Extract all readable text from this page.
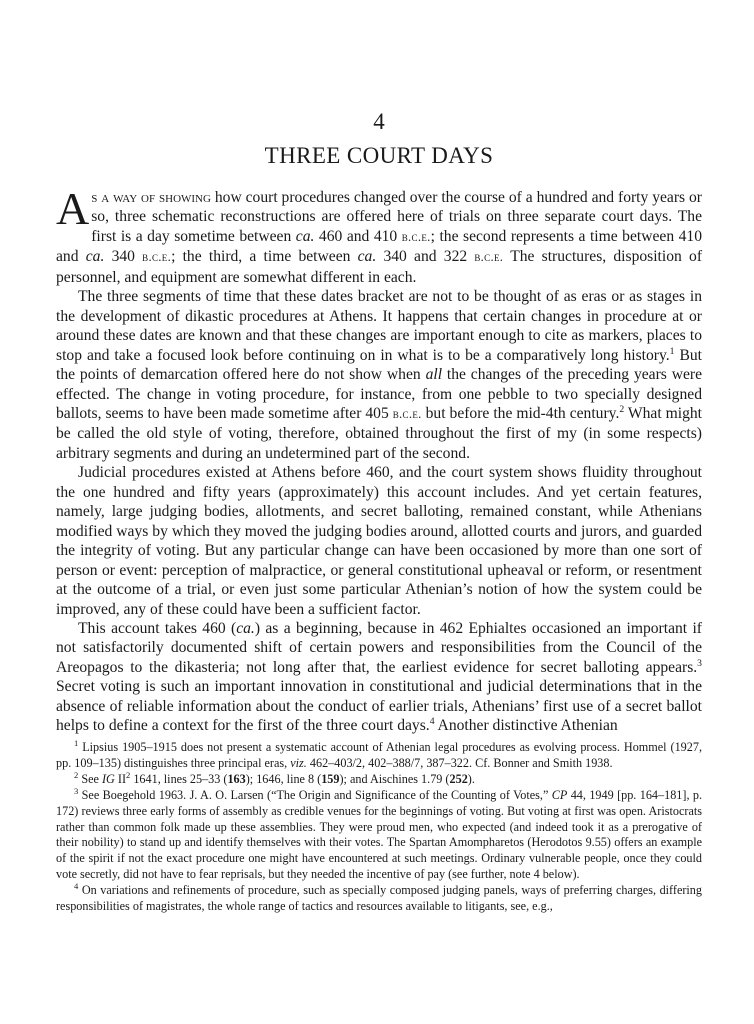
4

THREE COURT DAYS

As a way of showing how court procedures changed over the course of a hundred and forty years or so, three schematic reconstructions are offered here of trials on three separate court days. The first is a day sometime between ca. 460 and 410 b.c.e.; the second represents a time between 410 and ca. 340 b.c.e.; the third, a time between ca. 340 and 322 b.c.e. The structures, disposition of personnel, and equipment are somewhat different in each.

The three segments of time that these dates bracket are not to be thought of as eras or as stages in the development of dikastic procedures at Athens. It happens that certain changes in procedure at or around these dates are known and that these changes are important enough to cite as markers, places to stop and take a focused look before continuing on in what is to be a comparatively long history.$^1$ But the points of demarcation offered here do not show when all the changes of the preceding years were effected. The change in voting procedure, for instance, from one pebble to two specially designed ballots, seems to have been made sometime after 405 b.c.e. but before the mid-4th century.$^2$ What might be called the old style of voting, therefore, obtained throughout the first of my (in some respects) arbitrary segments and during an undetermined part of the second.

Judicial procedures existed at Athens before 460, and the court system shows fluidity throughout the one hundred and fifty years (approximately) this account includes. And yet certain features, namely, large judging bodies, allotments, and secret balloting, remained constant, while Athenians modified ways by which they moved the judging bodies around, allotted courts and jurors, and guarded the integrity of voting. But any particular change can have been occasioned by more than one sort of person or event: perception of malpractice, or general constitutional upheaval or reform, or resentment at the outcome of a trial, or even just some particular Athenian’s notion of how the system could be improved, any of these could have been a sufficient factor.

This account takes 460 (ca.) as a beginning, because in 462 Ephialtes occasioned an important if not satisfactorily documented shift of certain powers and responsibilities from the Council of the Areopagos to the dikasteria; not long after that, the earliest evidence for secret balloting appears.$^3$ Secret voting is such an important innovation in constitutional and judicial determinations that in the absence of reliable information about the conduct of earlier trials, Athenians’ first use of a secret ballot helps to define a context for the first of the three court days.$^4$ Another distinctive Athenian

$^1$ Lipsius 1905–1915 does not present a systematic account of Athenian legal procedures as evolving process. Hommel (1927, pp. 109–135) distinguishes three principal eras, viz. 462–403/2, 402–388/7, 387–322. Cf. Bonner and Smith 1938.

$^2$ See IG $II^2$ 1641, lines 25–33 (163); 1646, line 8 (159); and Aischines 1.79 (252).

$^3$ See Boegehold 1963. J. A. O. Larsen (“The Origin and Significance of the Counting of Votes,” CP 44, 1949 [pp. 164–181], p. 172) reviews three early forms of assembly as credible venues for the beginnings of voting. But voting at first was open. Aristocrats rather than common folk made up these assemblies. They were proud men, who expected (and indeed took it as a prerogative of their nobility) to stand up and identify themselves with their votes. The Spartan Amompharetos (Herodotos 9.55) offers an example of the spirit if not the exact procedure one might have encountered at such meetings. Ordinary vulnerable people, once they could vote secretly, did not have to fear reprisals, but they needed the incentive of pay (see further, note 4 below).

$^4$ On variations and refinements of procedure, such as specially composed judging panels, ways of preferring charges, differing responsibilities of magistrates, the whole range of tactics and resources available to litigants, see, e.g.,
